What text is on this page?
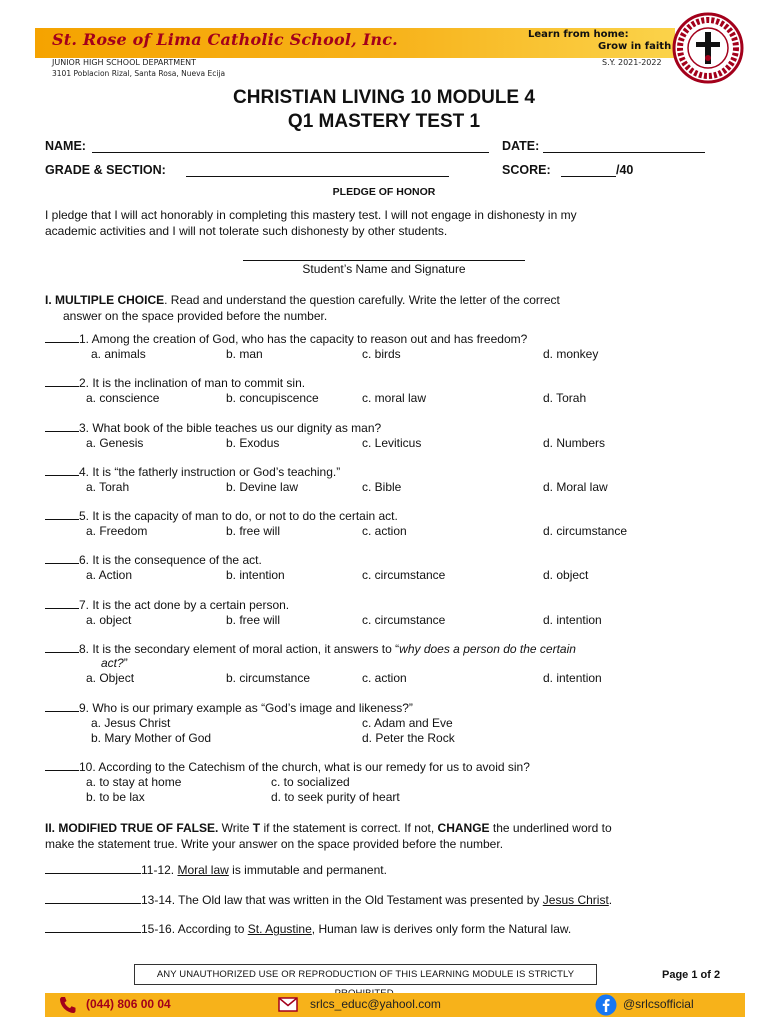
St. Rose of Lima Catholic School, Inc.	Learn from home:
Grow in faith
JUNIOR HIGH SCHOOL DEPARTMENT
3101 Poblacion Rizal, Santa Rosa, Nueva Ecija
S.Y. 2021-2022
CHRISTIAN LIVING 10 MODULE 4
Q1 MASTERY TEST 1
NAME:	DATE:
GRADE & SECTION:	SCORE:	/40
PLEDGE OF HONOR
I pledge that I will act honorably in completing this mastery test. I will not engage in dishonesty in my
academic activities and I will not tolerate such dishonesty by other students.
Student’s Name and Signature
I. MULTIPLE CHOICE. Read and understand the question carefully. Write the letter of the correct
answer on the space provided before the number.
1. Among the creation of God, who has the capacity to reason out and has freedom?
a. animals	b. man	c. birds	d. monkey
2. It is the inclination of man to commit sin.
a. conscience	b. concupiscence	c. moral law	d. Torah
3. What book of the bible teaches us our dignity as man?
a. Genesis	b. Exodus	c. Leviticus	d. Numbers
4. It is “the fatherly instruction or God’s teaching.”
a. Torah	b. Devine law	c. Bible	d. Moral law
5. It is the capacity of man to do, or not to do the certain act.
a. Freedom	b. free will	c. action	d. circumstance
6. It is the consequence of the act.
a. Action	b. intention	c. circumstance	d. object
7. It is the act done by a certain person.
a. object	b. free will	c. circumstance	d. intention
8. It is the secondary element of moral action, it answers to “why does a person do the certain
act?”
a. Object	b. circumstance	c. action	d. intention
9. Who is our primary example as “God’s image and likeness?”
a. Jesus Christ	c. Adam and Eve
b. Mary Mother of God	d. Peter the Rock
10. According to the Catechism of the church, what is our remedy for us to avoid sin?
a. to stay at home	c. to socialized
b. to be lax	d. to seek purity of heart
II. MODIFIED TRUE OF FALSE. Write T if the statement is correct. If not, CHANGE the underlined word to
make the statement true. Write your answer on the space provided before the number.
11-12. Moral law is immutable and permanent.
13-14. The Old law that was written in the Old Testament was presented by Jesus Christ.
15-16. According to St. Agustine, Human law is derives only form the Natural law.
ANY UNAUTHORIZED USE OR REPRODUCTION OF THIS LEARNING MODULE IS STRICTLY	Page 1 of 2
(044) 806 00 04	srlcs_educ@yahool.com	@srlcsofficial
